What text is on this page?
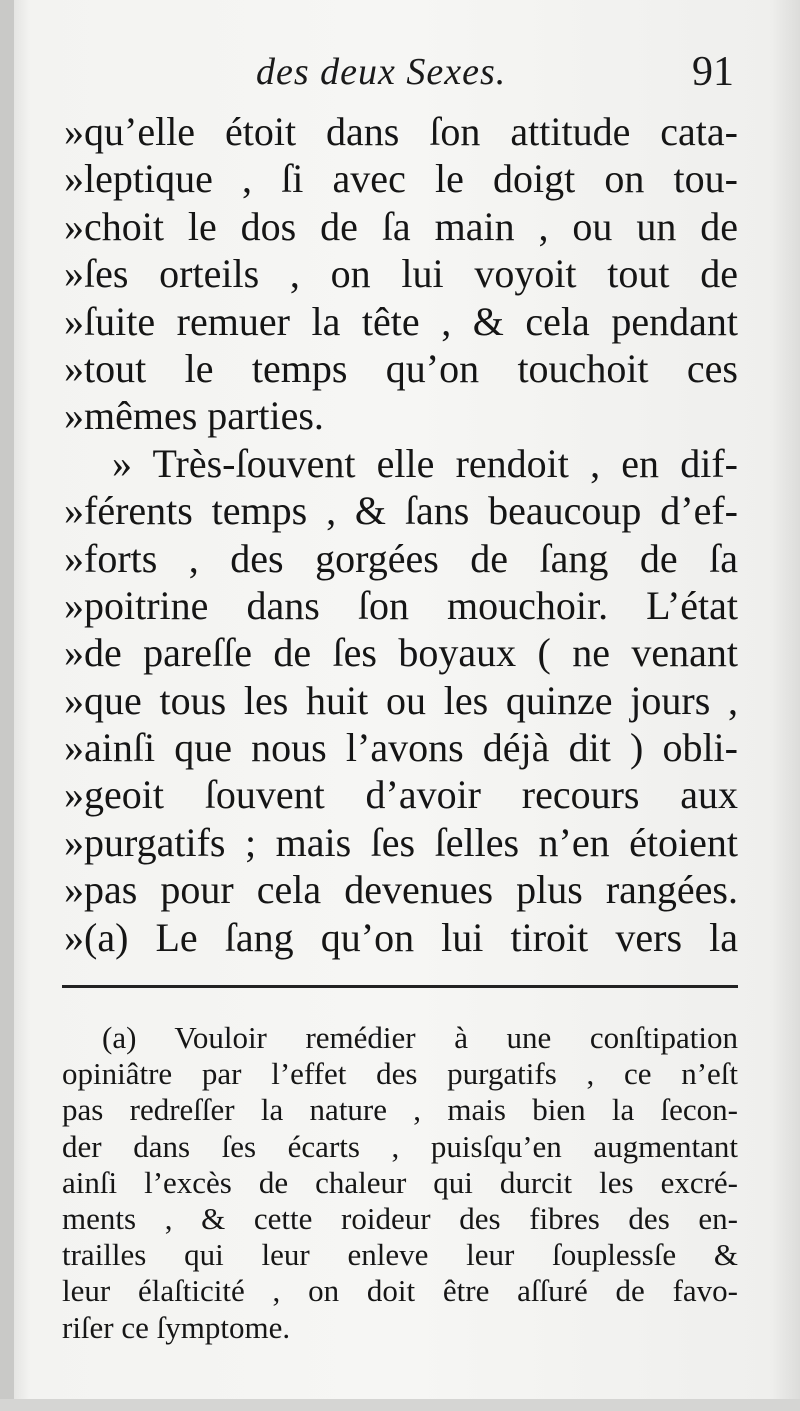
des deux Sexes.	91
»qu’elle étoit dans ſon attitude cata-
»leptique , ſi avec le doigt on tou-
»choit le dos de ſa main , ou un de
»ſes orteils , on lui voyoit tout de
»ſuite remuer la tête , & cela pendant
»tout le temps qu’on touchoit ces
»mêmes parties.
» Très-ſouvent elle rendoit , en dif-
»férents temps , & ſans beaucoup d’ef-
»forts , des gorgées de ſang de ſa
»poitrine dans ſon mouchoir. L’état
»de pareſſe de ſes boyaux ( ne venant
»que tous les huit ou les quinze jours ,
»ainſi que nous l’avons déjà dit ) obli-
»geoit ſouvent d’avoir recours aux
»purgatifs ; mais ſes ſelles n’en étoient
»pas pour cela devenues plus rangées.
»(a) Le ſang qu’on lui tiroit vers la
(a) Vouloir remédier à une conſtipation
opiniâtre par l’effet des purgatifs , ce n’eſt
pas redreſſer la nature , mais bien la ſecon-
der dans ſes écarts , puisſqu’en augmentant
ainſi l’excès de chaleur qui durcit les excré-
ments , & cette roideur des fibres des en-
trailles qui leur enleve leur ſouplessſe &
leur élaſticité , on doit être aſſuré de favo-
riſer ce ſymptome.
